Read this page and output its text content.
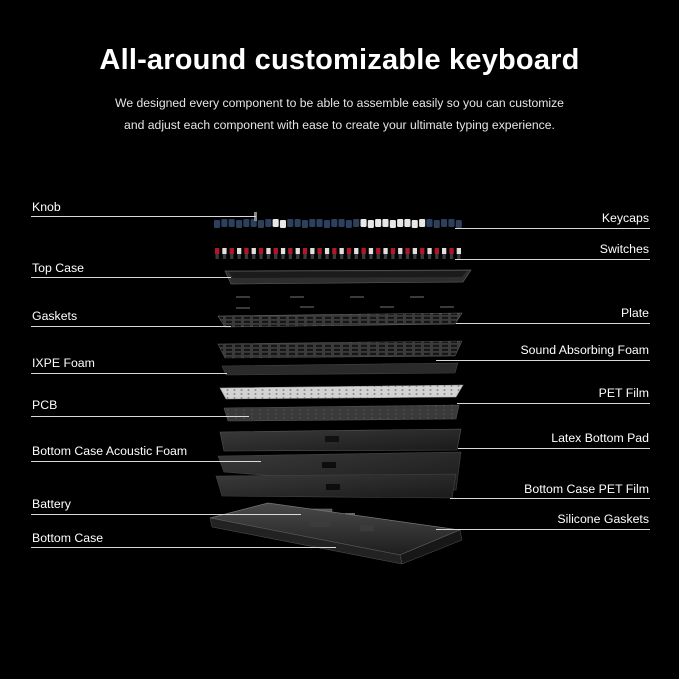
All-around customizable keyboard

We designed every component to be able to assemble easily so you can customize

and adjust each component with ease to create your ultimate typing experience.

Knob
Top Case
Gaskets
IXPE Foam
PCB
Bottom Case Acoustic Foam
Battery
Bottom Case
Keycaps
Switches
Plate
Sound Absorbing Foam
PET Film
Latex Bottom Pad
Bottom Case PET Film
Silicone Gaskets
